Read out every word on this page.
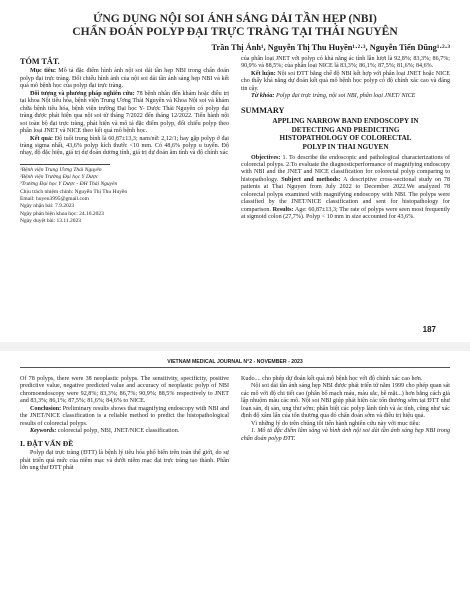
ỨNG DỤNG NỘI SOI ÁNH SÁNG DẢI TẦN HẸP (NBI)

CHẨN ĐOÁN POLYP ĐẠI TRỰC TRÀNG TẠI THÁI NGUYÊN

Trần Thị Ánh¹, Nguyễn Thị Thu Huyền¹·²·³, Nguyễn Tiến Dũng¹·²·³
TÓM TẮT.

Mục tiêu: Mô tả đặc điểm hình ảnh nội soi dải tần hẹp NBI trong chẩn đoán polyp đại trực tràng. Đối chiếu hình ảnh của nội soi dải tần ánh sáng hẹp NBI và kết quả mô bệnh học của polyp đại trực tràng.

Đối tượng và phương pháp nghiên cứu: 78 bệnh nhân đến khám hoặc điều trị tại khoa Nội tiêu hóa, bệnh viện Trung Ương Thái Nguyên và Khoa Nội soi và khám chữa bệnh tiêu hóa, bệnh viện trường Đại học Y- Dược Thái Nguyên có polyp đại tràng được phát hiện qua nội soi từ tháng 7/2022 đến tháng 12/2022. Tiến hành nội soi toàn bộ đại trực tràng, phát hiện và mô tả đặc điểm polyp, đối chiếu polyp theo phân loại JNET và NICE theo kết quả mô bệnh học.

Kết quả: Độ tuổi trung bình là 60,87±13,3; nam/nữ: 2,12/1; hay gặp polyp ở đại tràng sigma nhất, 43,6% polyp kích thước <10 mm. Có 48,6% polyp u tuyến. Độ nhạy, độ đặc hiệu, giá trị dự đoán dương tính, giá trị dự đoán âm tính và độ chính xác

¹Bệnh viện Trung Ương Thái Nguyên
²Bệnh viện Trường Đại học Y Dược
³Trường Đại học Y Dược - ĐH Thái Nguyên
Chịu trách nhiệm chính: Nguyễn Thị Thu Huyền
Email: huyen3995@gmail.com
Ngày nhận bài: 7.9.2023
Ngày phản biện khoa học: 24.10.2023
Ngày duyệt bài: 13.11.2023

của phân loại JNET với polyp có khả năng ác tính lần lượt là 92,8%; 83,3%; 86,7%; 90,9% và 88,5%; của phân loại NICE là 83,3%; 86,1%; 87,5%; 81,6%; 84,6%.

Kết luận: Nội soi ĐTT bằng chế độ NBI kết hợp với phân loại JNET hoặc NICE cho thấy khả năng dự đoán kết quả mô bệnh học polyp có độ chính xác cao và đáng tin cậy.

Từ khóa: Polyp đại trực tràng, nội soi NBI, phân loại JNET/ NICE

SUMMARY
APPLING NARROW BAND ENDOSCOPY IN
DETECTING AND PREDICTING
HISTOPATHOLOGY OF COLORECTAL
POLYP IN THAI NGUYEN

Objectives: 1. To describe the endoscopic and pathological characterizations of colorectal polyps. 2.To evaluate the diagnosticperformance of magnifying endoscopy with NBI and the JNET and NICE classification for colorectal polyp comparing to histopathology. Subject and methods: A descriptive cross-sectional study on 78 patients at Thai Nguyen from July 2022 to December 2022.We analyzed 78 colorectal polyps examined with magnifying endoscopy with NBI. The polyps were classified by the JNET/NICE classification and sent for histopathology for comparison. Results: Age: 60,87±13,3; The rate of polyps were seen most frequently at sigmoid colon (27,7%). Polyp < 10 mm in size accounted for 43,6%.

187
VIETNAM MEDICAL JOURNAL N°2 - NOVEMBER - 2023

Of 78 polyps, there were 38 neoplastic polyps. The sensitivity, specificity, positive predictive value, negative predicted value and accuracy of neoplastic polyp of NBI chromoendoscopy were 92,8%; 83,3%; 86,7%; 90,9%; 88,5% respectively to JNET and 83,3%; 86,1%; 87,5%; 81,6%; 84,6% to NICE.

Conclusion: Preliminary results shows that magnifying endoscopy with NBI and the JNET/NICE classification is a reliable method to predict the histopathological results of colorectal polyps.

Keywords: colorectal polyp, NBI, JNET/NICE classification.

I. ĐẶT VẤN ĐỀ

Polyp đại trực tràng (ĐTT) là bệnh lý tiêu hóa phổ biến trên toàn thế giới, do sự phát triển quá mức của niêm mạc và dưới niêm mạc đại trực tràng tạo thành. Phần lớn ung thư ĐTT phát

Kudo.... cho phép dự đoán kết quả mô bệnh học với độ chính xác cao hơn.

Nội soi dải tần ánh sáng hẹp NBI được phát triển từ năm 1999 cho phép quan sát các mô với độ chi tiết cao (phân bố mạch máu, màu sắc, bề mặt...) hơn bằng cách giả lập nhuộm màu các mô. Nội soi NBI giúp phát hiện các tổn thương sớm tại ĐTT như loạn sản, dị sản, ung thư sớm; phân biệt các polyp lành tính và ác tính, cũng như xác định độ xâm lấn của tổn thương qua đó chẩn đoán sớm và điều trị hiệu quả.

Vì những lý do trên chúng tôi tiến hành nghiên cứu này với mục tiêu:

1. Mô tả đặc điểm lâm sàng và hình ảnh nội soi dải tần ánh sáng hẹp NBI trong chẩn đoán polyp ĐTT.
